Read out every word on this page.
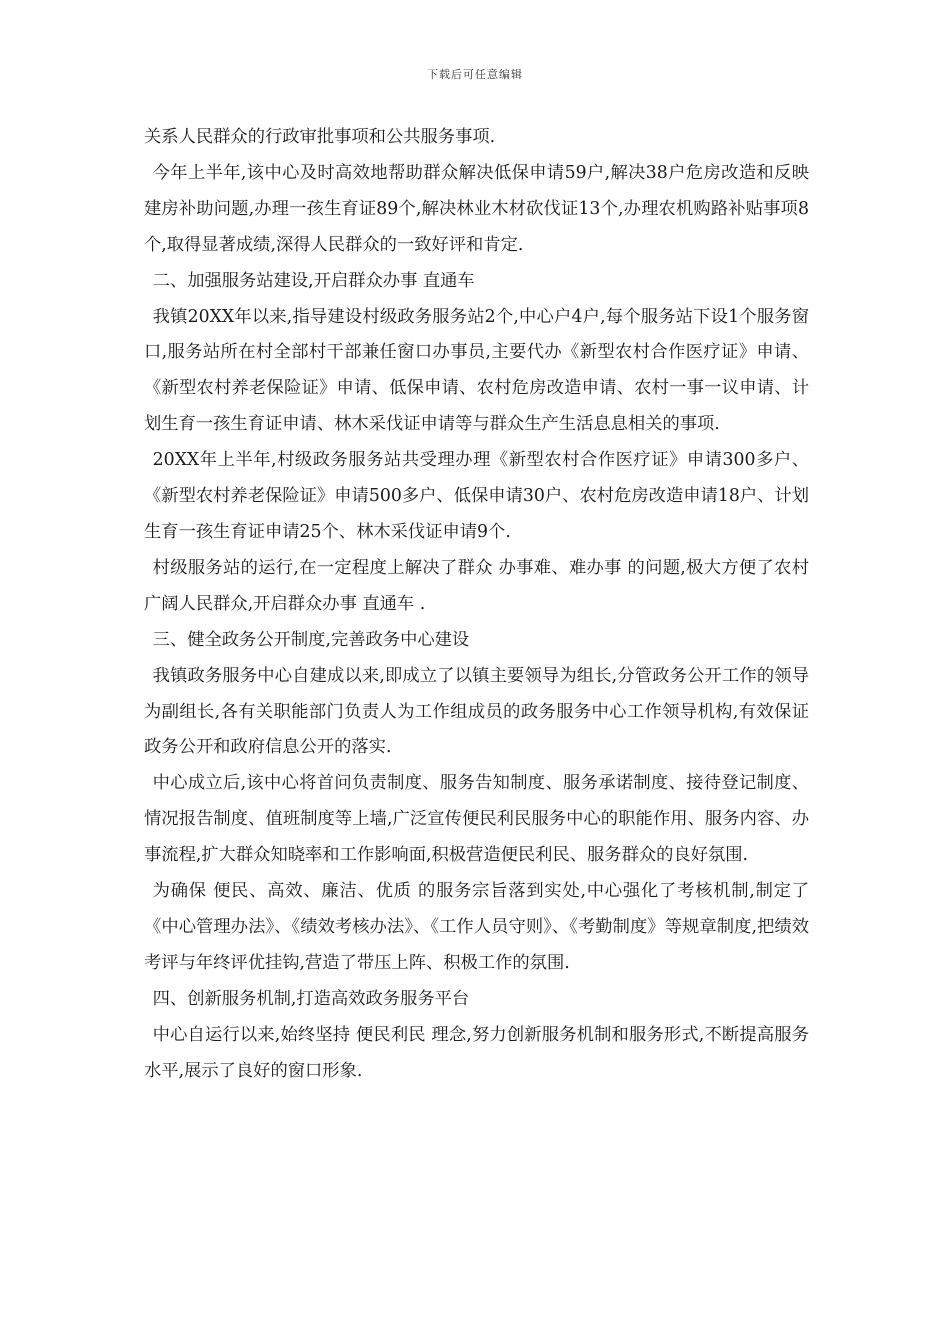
下载后可任意编辑

关系人民群众的行政审批事项和公共服务事项.

今年上半年,该中心及时高效地帮助群众解决低保申请59户,解决38户危房改造和反映建房补助问题,办理一孩生育证89个,解决林业木材砍伐证13个,办理农机购路补贴事项8个,取得显著成绩,深得人民群众的一致好评和肯定.

二、加强服务站建设,开启群众办事 直通车

我镇20XX年以来,指导建设村级政务服务站2个,中心户4户,每个服务站下设1个服务窗口,服务站所在村全部村干部兼任窗口办事员,主要代办《新型农村合作医疗证》申请、《新型农村养老保险证》申请、低保申请、农村危房改造申请、农村一事一议申请、计划生育一孩生育证申请、林木采伐证申请等与群众生产生活息息相关的事项.

20XX年上半年,村级政务服务站共受理办理《新型农村合作医疗证》申请300多户、《新型农村养老保险证》申请500多户、低保申请30户、农村危房改造申请18户、计划生育一孩生育证申请25个、林木采伐证申请9个.

村级服务站的运行,在一定程度上解决了群众 办事难、难办事 的问题,极大方便了农村广阔人民群众,开启群众办事 直通车 .

三、健全政务公开制度,完善政务中心建设

我镇政务服务中心自建成以来,即成立了以镇主要领导为组长,分管政务公开工作的领导为副组长,各有关职能部门负责人为工作组成员的政务服务中心工作领导机构,有效保证政务公开和政府信息公开的落实.

中心成立后,该中心将首问负责制度、服务告知制度、服务承诺制度、接待登记制度、情况报告制度、值班制度等上墙,广泛宣传便民利民服务中心的职能作用、服务内容、办事流程,扩大群众知晓率和工作影响面,积极营造便民利民、服务群众的良好氛围.

为确保 便民、高效、廉洁、优质 的服务宗旨落到实处,中心强化了考核机制,制定了《中心管理办法》、《绩效考核办法》、《工作人员守则》、《考勤制度》等规章制度,把绩效考评与年终评优挂钩,营造了带压上阵、积极工作的氛围.

四、创新服务机制,打造高效政务服务平台

中心自运行以来,始终坚持 便民利民 理念,努力创新服务机制和服务形式,不断提高服务水平,展示了良好的窗口形象.
